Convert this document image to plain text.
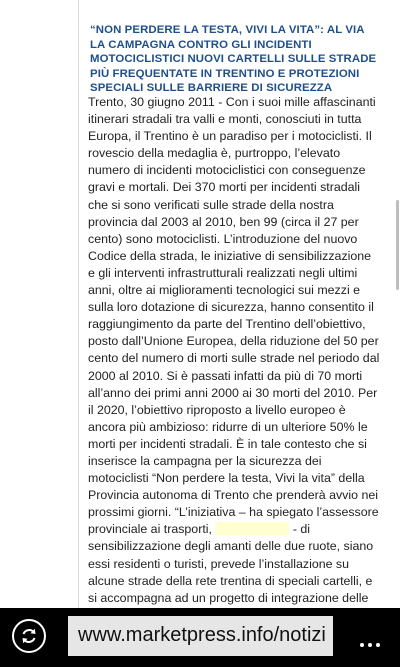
“NON PERDERE LA TESTA, VIVI LA VITA”: AL VIA LA CAMPAGNA CONTRO GLI INCIDENTI MOTOCICLISTICI NUOVI CARTELLI SULLE STRADE PIÙ FREQUENTATE IN TRENTINO E PROTEZIONI SPECIALI SULLE BARRIERE DI SICUREZZA
Trento, 30 giugno 2011 - Con i suoi mille affascinanti itinerari stradali tra valli e monti, conosciuti in tutta Europa, il Trentino è un paradiso per i motociclisti. Il rovescio della medaglia è, purtroppo, l’elevato numero di incidenti motociclistici con conseguenze gravi e mortali. Dei 370 morti per incidenti stradali che si sono verificati sulle strade della nostra provincia dal 2003 al 2010, ben 99 (circa il 27 per cento) sono motociclisti. L’introduzione del nuovo Codice della strada, le iniziative di sensibilizzazione e gli interventi infrastrutturali realizzati negli ultimi anni, oltre ai miglioramenti tecnologici sui mezzi e sulla loro dotazione di sicurezza, hanno consentito il raggiungimento da parte del Trentino dell’obiettivo, posto dall’Unione Europea, della riduzione del 50 per cento del numero di morti sulle strade nel periodo dal 2000 al 2010. Si è passati infatti da più di 70 morti all’anno dei primi anni 2000 ai 30 morti del 2010. Per il 2020, l’obiettivo riproposto a livello europeo è ancora più ambizioso: ridurre di un ulteriore 50% le morti per incidenti stradali. È in tale contesto che si inserisce la campagna per la sicurezza dei motociclisti “Non perdere la testa, Vivi la vita” della Provincia autonoma di Trento che prenderà avvio nei prossimi giorni. “L’iniziativa – ha spiegato l’assessore provinciale ai trasporti,	- di sensibilizzazione degli amanti delle due ruote, siano essi residenti o turisti, prevede l’installazione su alcune strade della rete trentina di speciali cartelli, e si accompagna ad un progetto di integrazione delle
www.marketpress.info/notizi
